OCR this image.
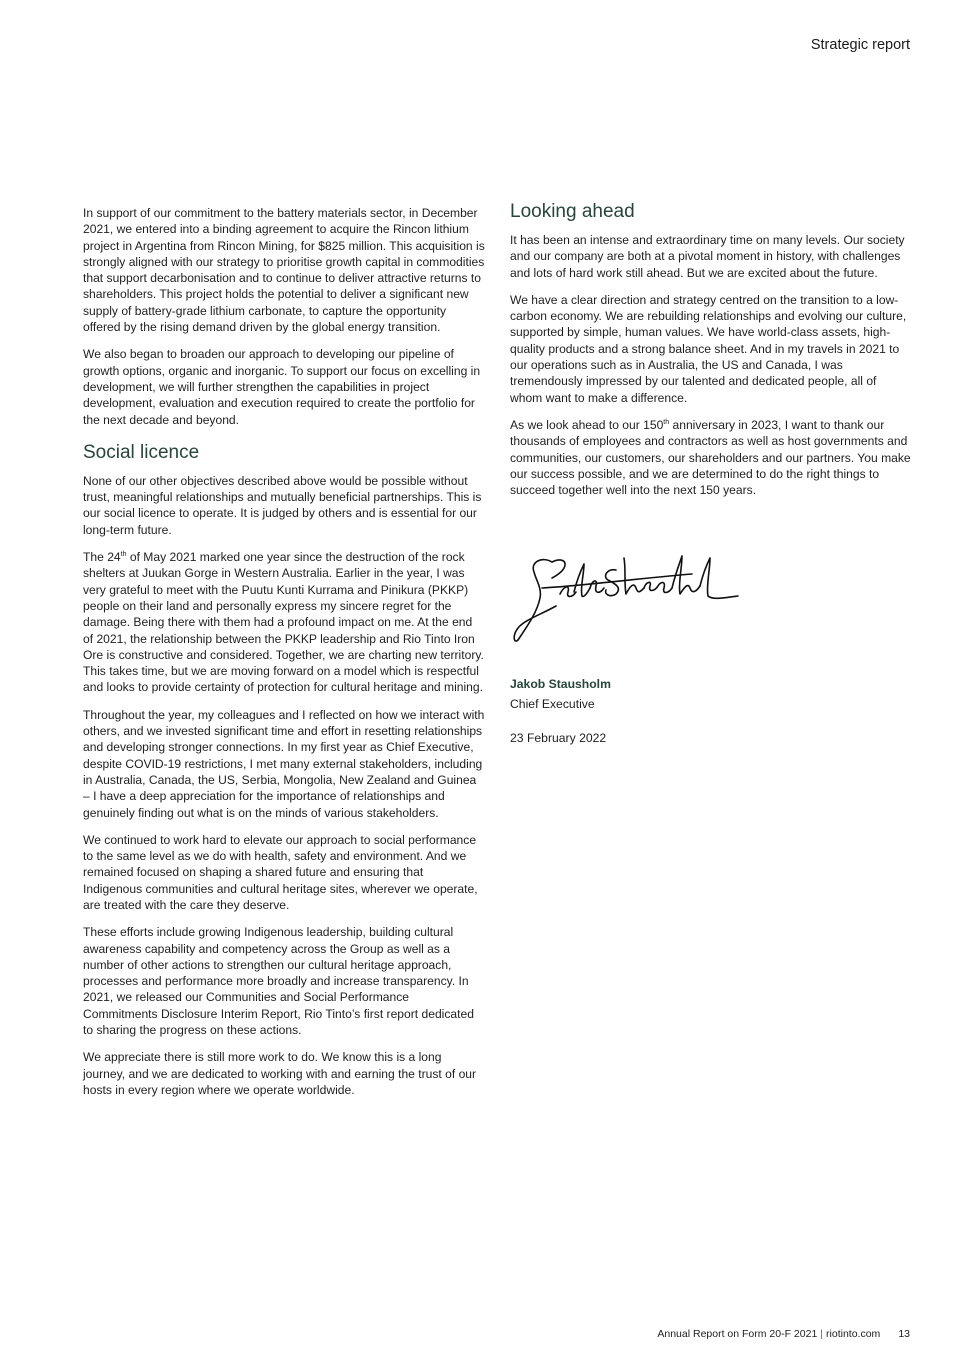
Strategic report

In support of our commitment to the battery materials sector, in December 2021, we entered into a binding agreement to acquire the Rincon lithium project in Argentina from Rincon Mining, for $825 million. This acquisition is strongly aligned with our strategy to prioritise growth capital in commodities that support decarbonisation and to continue to deliver attractive returns to shareholders. This project holds the potential to deliver a significant new supply of battery-grade lithium carbonate, to capture the opportunity offered by the rising demand driven by the global energy transition.

We also began to broaden our approach to developing our pipeline of growth options, organic and inorganic. To support our focus on excelling in development, we will further strengthen the capabilities in project development, evaluation and execution required to create the portfolio for the next decade and beyond.

Social licence

None of our other objectives described above would be possible without trust, meaningful relationships and mutually beneficial partnerships. This is our social licence to operate. It is judged by others and is essential for our long-term future.

The 24th of May 2021 marked one year since the destruction of the rock shelters at Juukan Gorge in Western Australia. Earlier in the year, I was very grateful to meet with the Puutu Kunti Kurrama and Pinikura (PKKP) people on their land and personally express my sincere regret for the damage. Being there with them had a profound impact on me. At the end of 2021, the relationship between the PKKP leadership and Rio Tinto Iron Ore is constructive and considered. Together, we are charting new territory. This takes time, but we are moving forward on a model which is respectful and looks to provide certainty of protection for cultural heritage and mining.

Throughout the year, my colleagues and I reflected on how we interact with others, and we invested significant time and effort in resetting relationships and developing stronger connections. In my first year as Chief Executive, despite COVID-19 restrictions, I met many external stakeholders, including in Australia, Canada, the US, Serbia, Mongolia, New Zealand and Guinea – I have a deep appreciation for the importance of relationships and genuinely finding out what is on the minds of various stakeholders.

We continued to work hard to elevate our approach to social performance to the same level as we do with health, safety and environment. And we remained focused on shaping a shared future and ensuring that Indigenous communities and cultural heritage sites, wherever we operate, are treated with the care they deserve.

These efforts include growing Indigenous leadership, building cultural awareness capability and competency across the Group as well as a number of other actions to strengthen our cultural heritage approach, processes and performance more broadly and increase transparency. In 2021, we released our Communities and Social Performance Commitments Disclosure Interim Report, Rio Tinto’s first report dedicated to sharing the progress on these actions.

We appreciate there is still more work to do. We know this is a long journey, and we are dedicated to working with and earning the trust of our hosts in every region where we operate worldwide.

Looking ahead

It has been an intense and extraordinary time on many levels. Our society and our company are both at a pivotal moment in history, with challenges and lots of hard work still ahead. But we are excited about the future.

We have a clear direction and strategy centred on the transition to a low-carbon economy. We are rebuilding relationships and evolving our culture, supported by simple, human values. We have world-class assets, high-quality products and a strong balance sheet. And in my travels in 2021 to our operations such as in Australia, the US and Canada, I was tremendously impressed by our talented and dedicated people, all of whom want to make a difference.

As we look ahead to our 150th anniversary in 2023, I want to thank our thousands of employees and contractors as well as host governments and communities, our customers, our shareholders and our partners. You make our success possible, and we are determined to do the right things to succeed together well into the next 150 years.

Jakob Stausholm

Chief Executive

23 February 2022

Annual Report on Form 20-F 2021 | riotinto.com 13
